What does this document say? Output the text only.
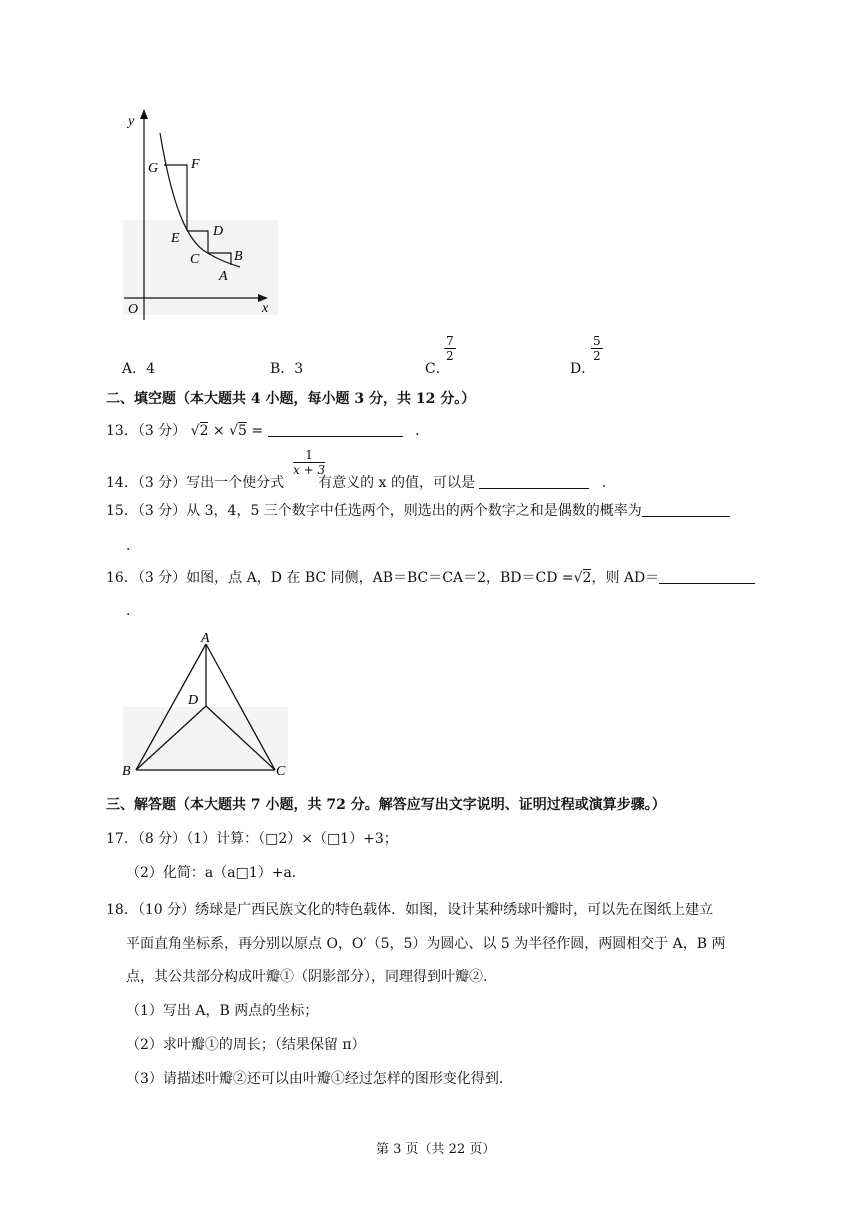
y
x
O
G F
E D
C B
A
A．4	B．3	C．
$\frac{7}{2}$
D．
$\frac{5}{2}$
二、填空题（本大题共 4 小题，每小题 3 分，共 12 分。）
13．（3 分） √2 × √5 =	．
$\frac{1}{x + 3}$
14．（3 分）写出一个使分式 有意义的 x 的值，可以是	．
15．（3 分）从 3，4，5 三个数字中任选两个，则选出的两个数字之和是偶数的概率为
．
16．（3 分）如图，点 A，D 在 BC 同侧，AB＝BC＝CA＝2，BD＝CD =√2，则 AD＝
．
A
D
B	C
三、解答题（本大题共 7 小题，共 72 分。解答应写出文字说明、证明过程或演算步骤。）
17．（8 分）（1）计算：（□2）×（□1）+3；
（2）化简：a（a□1）+a．
18．（10 分）绣球是广西民族文化的特色载体．如图，设计某种绣球叶瓣时，可以先在图纸上建立
平面直角坐标系，再分别以原点 O，O′（5，5）为圆心、以 5 为半径作圆，两圆相交于 A，B 两
点，其公共部分构成叶瓣①（阴影部分），同理得到叶瓣②．
（1）写出 A，B 两点的坐标；
（2）求叶瓣①的周长；（结果保留 π）
（3）请描述叶瓣②还可以由叶瓣①经过怎样的图形变化得到．
第 3 页（共 22 页）
